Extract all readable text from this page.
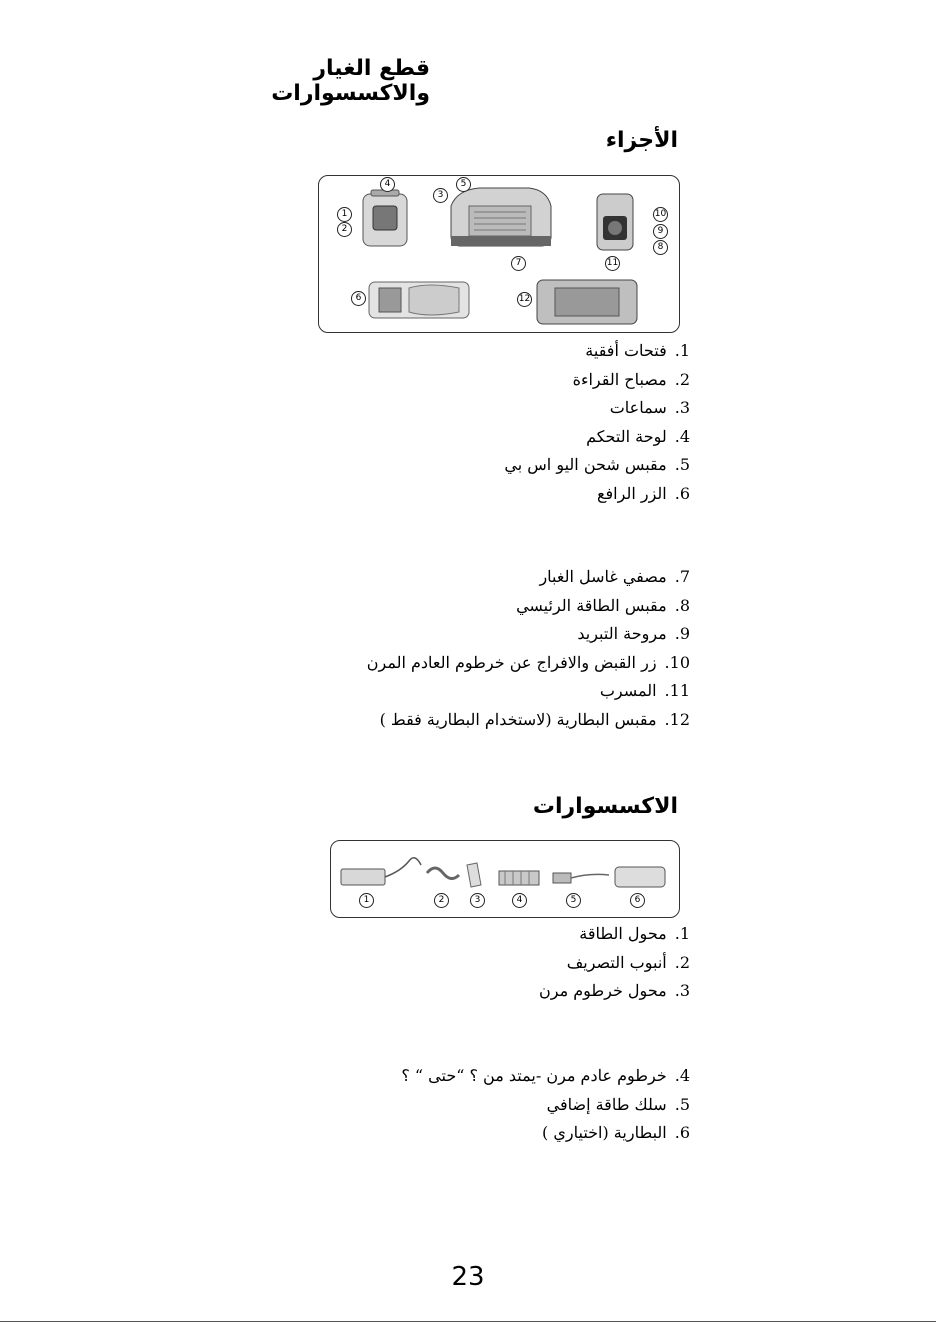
قطع الغيار والاكسسوارات
الأجزاء
1
2
3
4	5
6
7
8
9
10
11
12
1.فتحات أفقية
2.مصباح القراءة
3.سماعات
4.لوحة التحكم
5.مقبس شحن اليو اس بي
6.الزر الرافع
7.مصفي غاسل الغبار
8.مقبس الطاقة الرئيسي
9.مروحة التبريد
10.زر القبض والافراج عن خرطوم العادم المرن
11.المسرب
12.مقبس البطارية (لاستخدام البطارية فقط )
الاكسسوارات
1	2	3	4	5	6
1.محول الطاقة
2.أنبوب التصريف
3.محول خرطوم مرن
4.خرطوم عادم مرن -يمتد من ؟ “حتى “ ؟
5.سلك طاقة إضافي
6.البطارية (اختياري )
23
